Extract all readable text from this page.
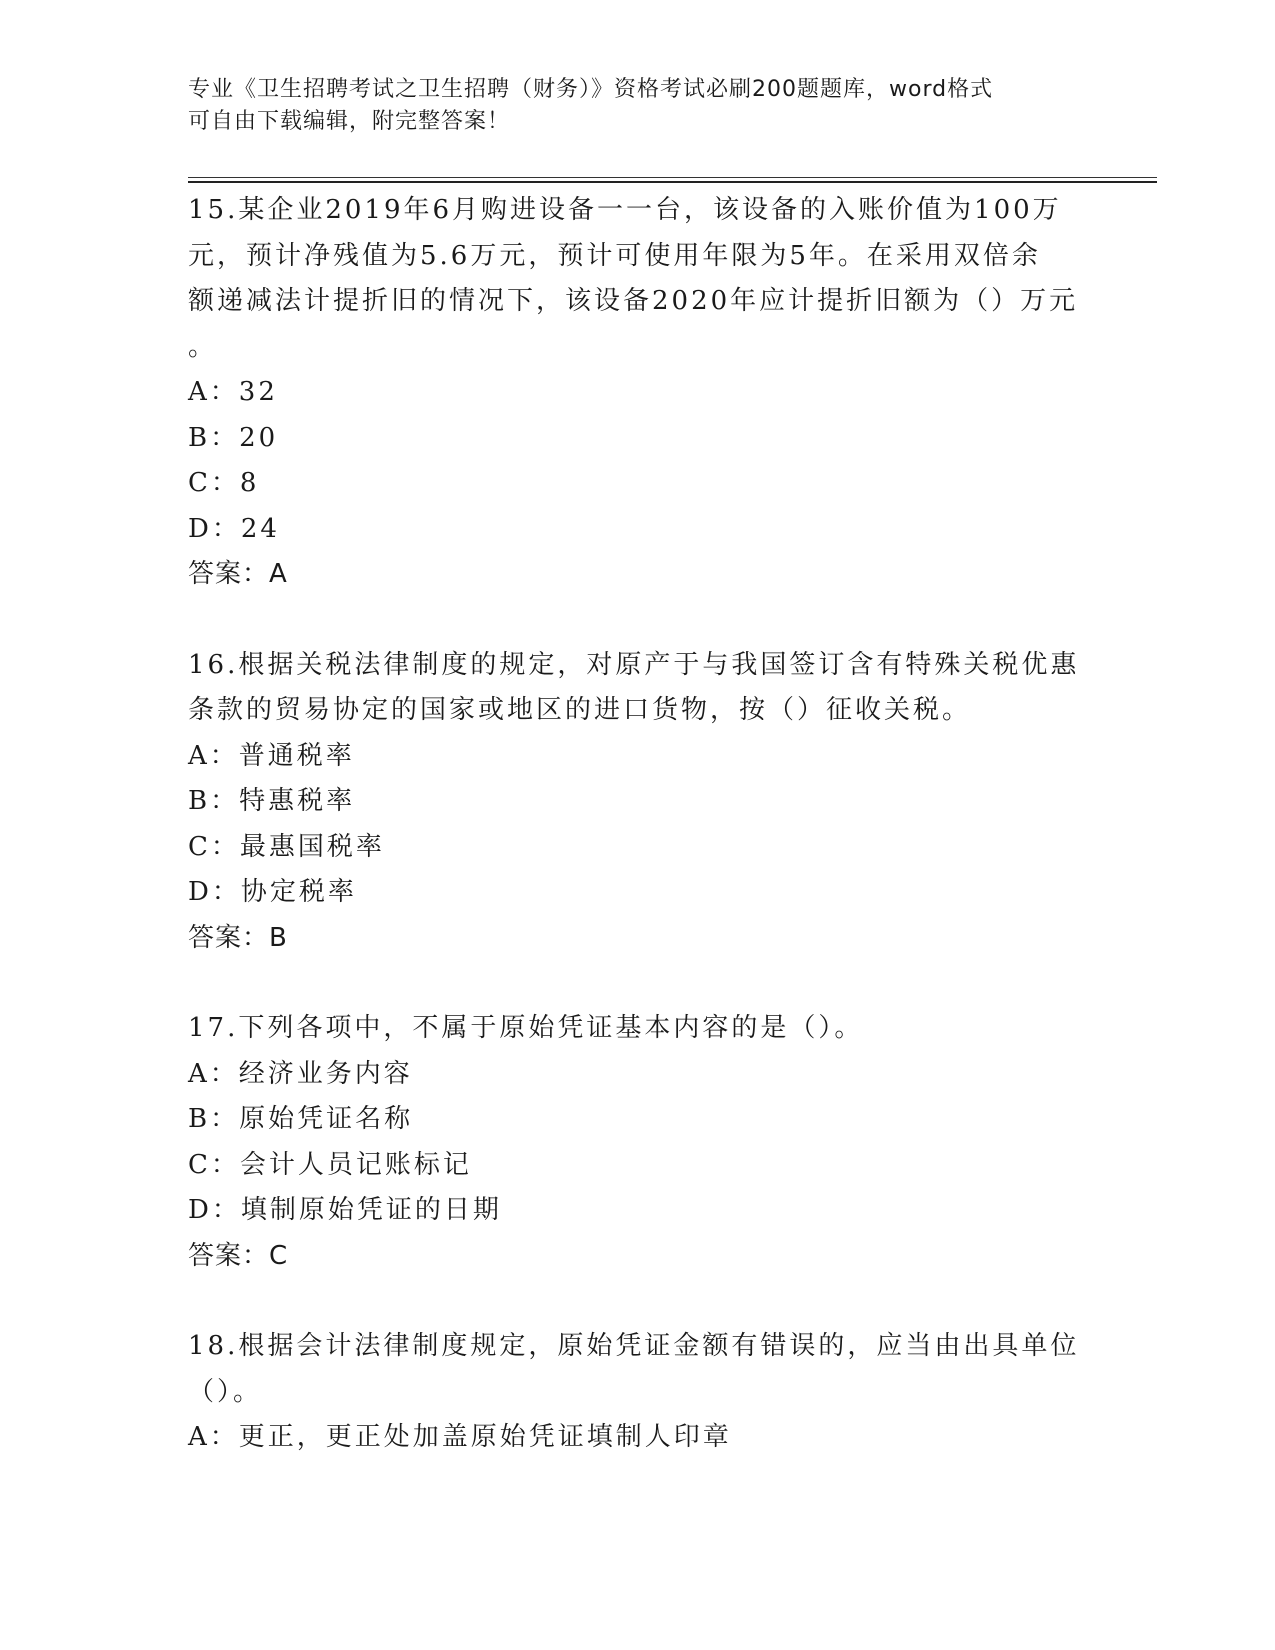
专业《卫生招聘考试之卫生招聘（财务）》资格考试必刷200题题库，word格式
可自由下载编辑，附完整答案！
15.某企业2019年6月购进设备一一台，该设备的入账价值为100万
元，预计净残值为5.6万元，预计可使用年限为5年。在采用双倍余
额递减法计提折旧的情况下，该设备2020年应计提折旧额为（）万元
。
A：32
B：20
C：8
D：24
答案：A
16.根据关税法律制度的规定，对原产于与我国签订含有特殊关税优惠
条款的贸易协定的国家或地区的进口货物，按（）征收关税。
A：普通税率
B：特惠税率
C：最惠国税率
D：协定税率
答案：B
17.下列各项中，不属于原始凭证基本内容的是（）。
A：经济业务内容
B：原始凭证名称
C：会计人员记账标记
D：填制原始凭证的日期
答案：C
18.根据会计法律制度规定，原始凭证金额有错误的，应当由出具单位
（）。
A：更正，更正处加盖原始凭证填制人印章
